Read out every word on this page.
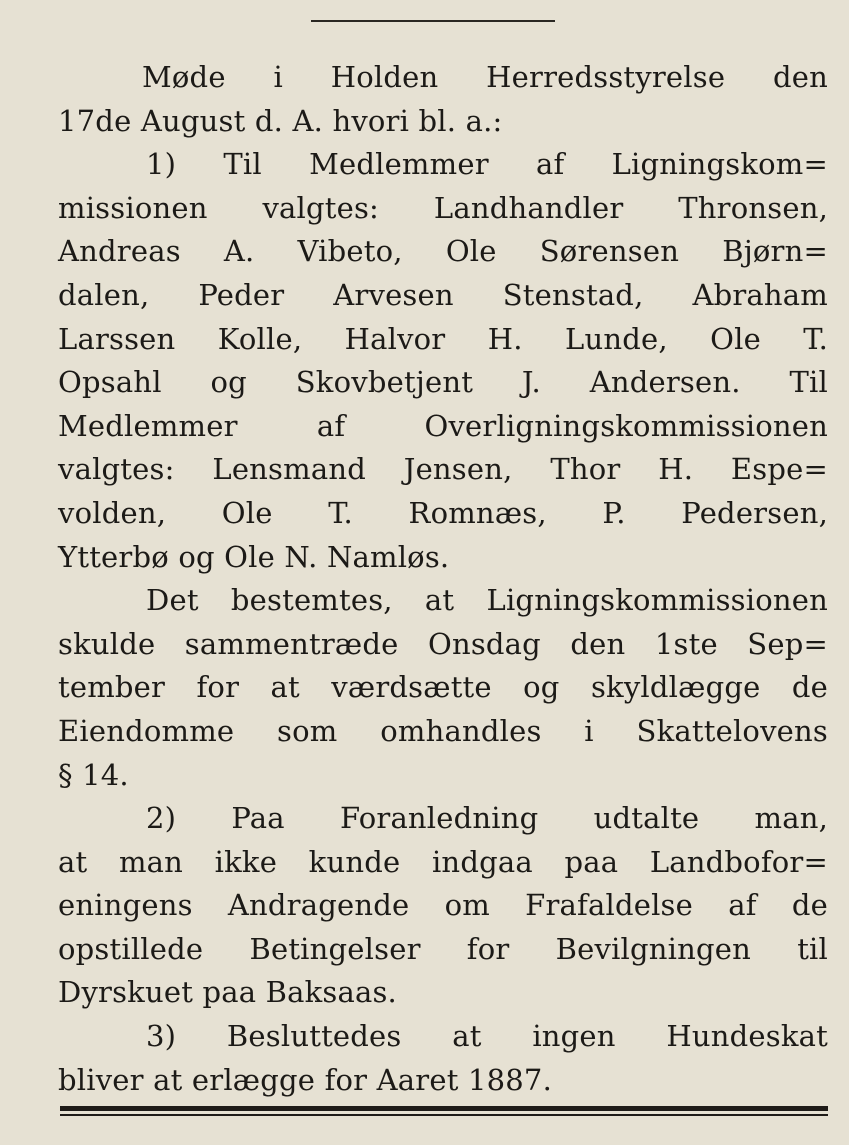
Møde i Holden Herredsstyrelse den
17de August d. A. hvori bl. a.:
1) Til Medlemmer af Ligningskom=
missionen valgtes: Landhandler Thronsen,
Andreas A. Vibeto, Ole Sørensen Bjørn=
dalen, Peder Arvesen Stenstad, Abraham
Larssen Kolle, Halvor H. Lunde, Ole T.
Opsahl og Skovbetjent J. Andersen. Til
Medlemmer af Overligningskommissionen
valgtes: Lensmand Jensen, Thor H. Espe=
volden, Ole T. Romnæs, P. Pedersen,
Ytterbø og Ole N. Namløs.
Det bestemtes, at Ligningskommissionen
skulde sammentræde Onsdag den 1ste Sep=
tember for at værdsætte og skyldlægge de
Eiendomme som omhandles i Skattelovens
§ 14.
2) Paa Foranledning udtalte man,
at man ikke kunde indgaa paa Landbofor=
eningens Andragende om Frafaldelse af de
opstillede Betingelser for Bevilgningen til
Dyrskuet paa Baksaas.
3) Besluttedes at ingen Hundeskat
bliver at erlægge for Aaret 1887.
